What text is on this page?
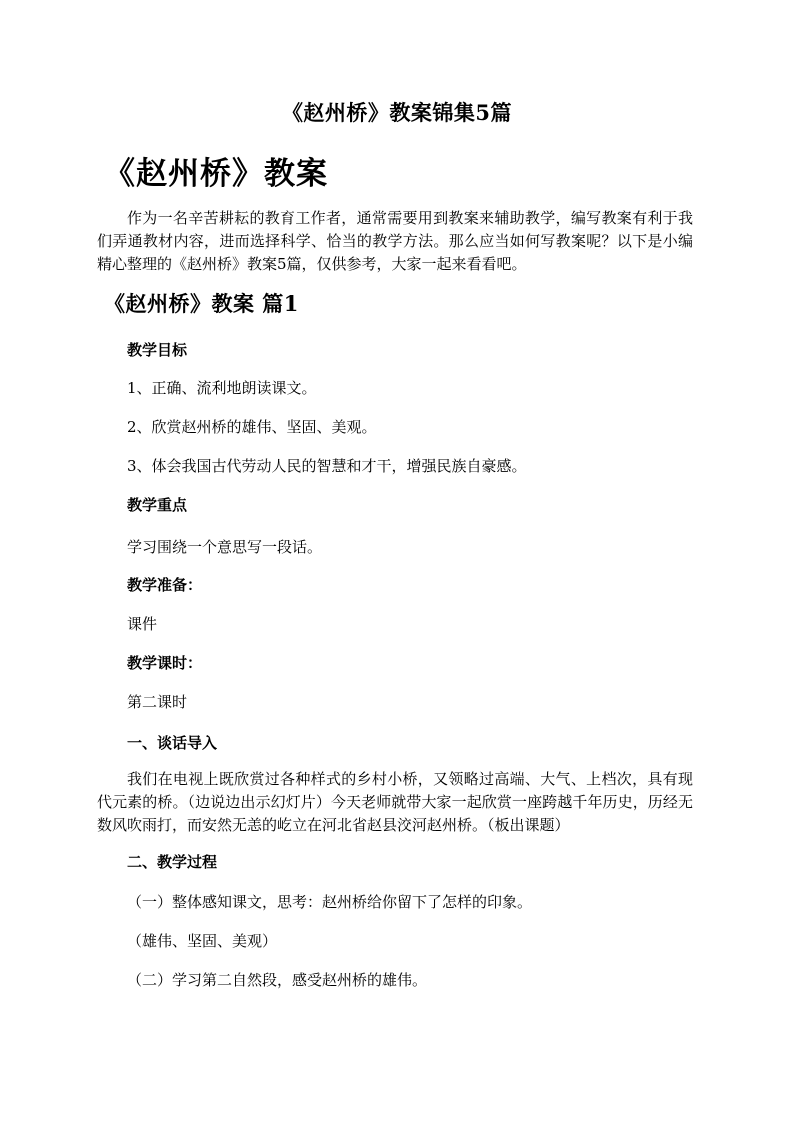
《赵州桥》教案锦集5篇
《赵州桥》教案

作为一名辛苦耕耘的教育工作者，通常需要用到教案来辅助教学，编写教案有利于我们弄通教材内容，进而选择科学、恰当的教学方法。那么应当如何写教案呢？以下是小编精心整理的《赵州桥》教案5篇，仅供参考，大家一起来看看吧。

《赵州桥》教案 篇1

教学目标

1、正确、流利地朗读课文。

2、欣赏赵州桥的雄伟、坚固、美观。

3、体会我国古代劳动人民的智慧和才干，增强民族自豪感。

教学重点

学习围绕一个意思写一段话。

教学准备：

课件

教学课时：

第二课时

一、谈话导入

我们在电视上既欣赏过各种样式的乡村小桥，又领略过高端、大气、上档次，具有现代元素的桥。（边说边出示幻灯片）今天老师就带大家一起欣赏一座跨越千年历史，历经无数风吹雨打，而安然无恙的屹立在河北省赵县洨河赵州桥。（板出课题）

二、教学过程

（一）整体感知课文，思考：赵州桥给你留下了怎样的印象。

（雄伟、坚固、美观）

（二）学习第二自然段，感受赵州桥的雄伟。
